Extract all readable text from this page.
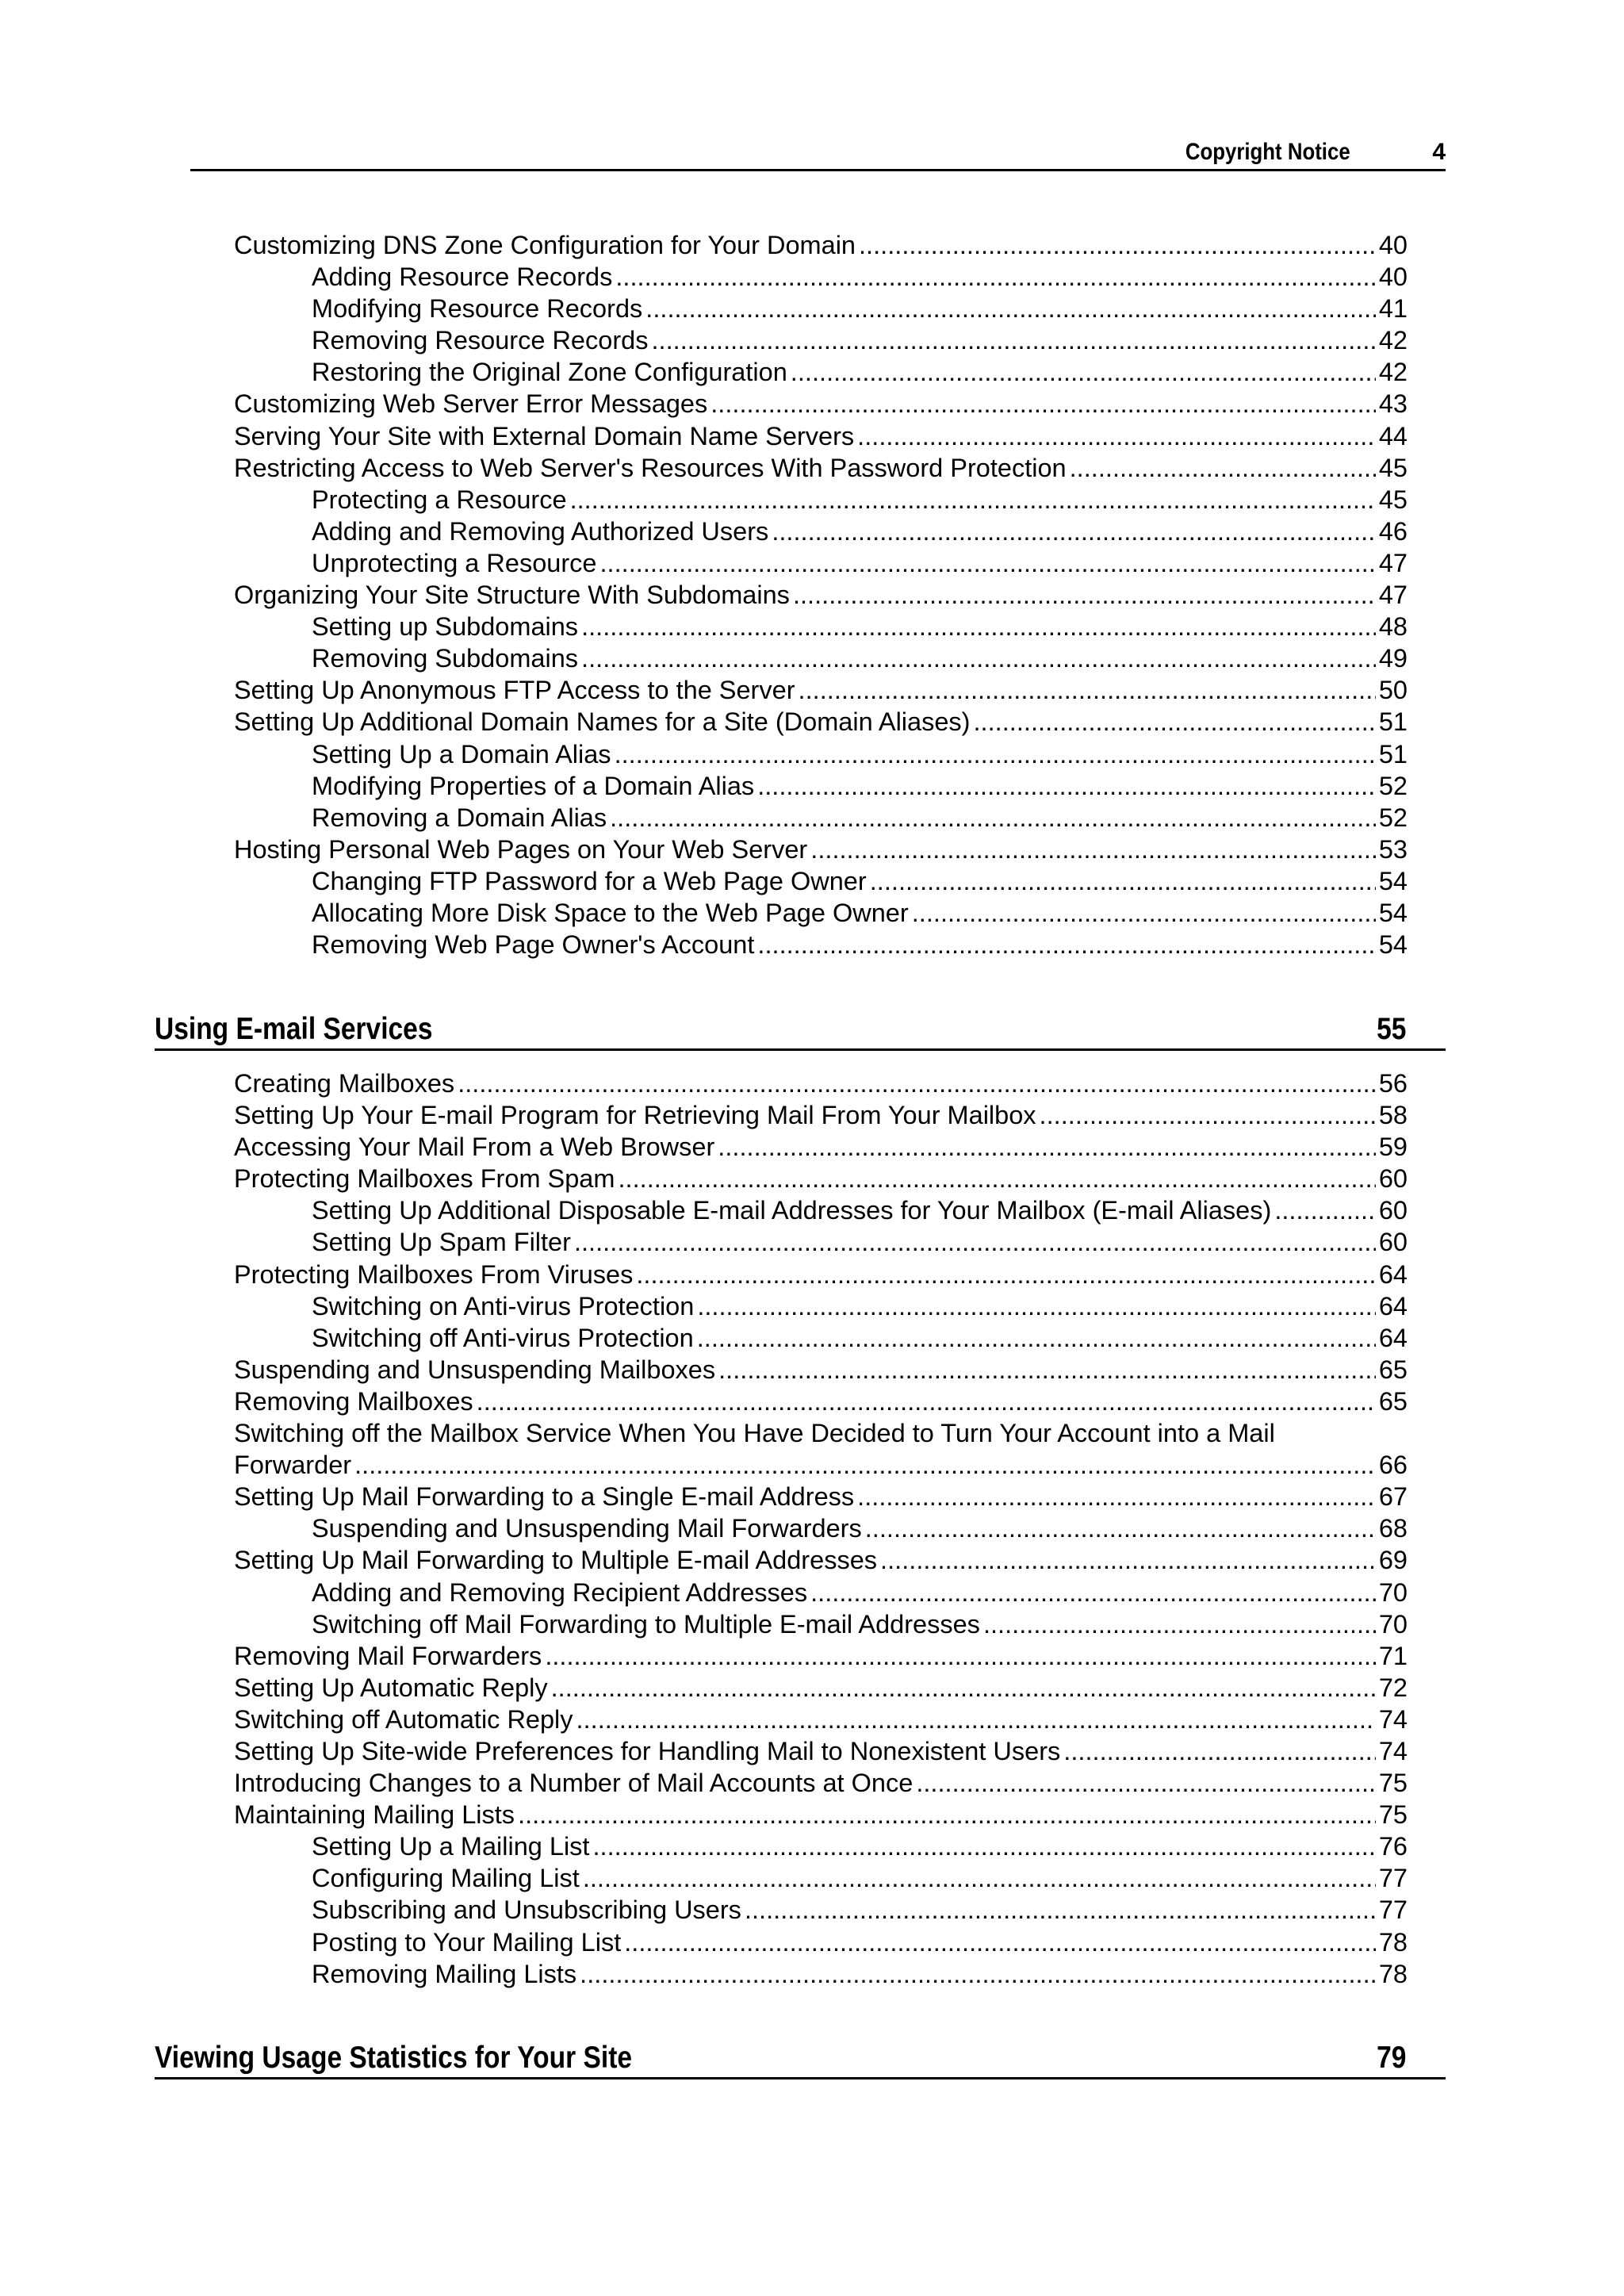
Copyright Notice	4
Customizing DNS Zone Configuration for Your Domain . . .	40
Adding Resource Records . . .	40
Modifying Resource Records . . .	41
Removing Resource Records . . .	42
Restoring the Original Zone Configuration . . .	42
Customizing Web Server Error Messages . . .	43
Serving Your Site with External Domain Name Servers . . .	44
Restricting Access to Web Server's Resources With Password Protection . . .	45
Protecting a Resource . . .	45
Adding and Removing Authorized Users . . .	46
Unprotecting a Resource . . .	47
Organizing Your Site Structure With Subdomains . . .	47
Setting up Subdomains . . .	48
Removing Subdomains . . .	49
Setting Up Anonymous FTP Access to the Server . . .	50
Setting Up Additional Domain Names for a Site (Domain Aliases) . . .	51
Setting Up a Domain Alias . . .	51
Modifying Properties of a Domain Alias . . .	52
Removing a Domain Alias . . .	52
Hosting Personal Web Pages on Your Web Server . . .	53
Changing FTP Password for a Web Page Owner . . .	54
Allocating More Disk Space to the Web Page Owner . . .	54
Removing Web Page Owner's Account . . .	54
Using E-mail Services	55
Creating Mailboxes . . .	56
Setting Up Your E-mail Program for Retrieving Mail From Your Mailbox . . .	58
Accessing Your Mail From a Web Browser . . .	59
Protecting Mailboxes From Spam . . .	60
Setting Up Additional Disposable E-mail Addresses for Your Mailbox (E-mail Aliases) . . .	60
Setting Up Spam Filter . . .	60
Protecting Mailboxes From Viruses . . .	64
Switching on Anti-virus Protection . . .	64
Switching off Anti-virus Protection . . .	64
Suspending and Unsuspending Mailboxes . . .	65
Removing Mailboxes . . .	65
Switching off the Mailbox Service When You Have Decided to Turn Your Account into a Mail
Forwarder . . .	66
Setting Up Mail Forwarding to a Single E-mail Address . . .	67
Suspending and Unsuspending Mail Forwarders . . .	68
Setting Up Mail Forwarding to Multiple E-mail Addresses . . .	69
Adding and Removing Recipient Addresses . . .	70
Switching off Mail Forwarding to Multiple E-mail Addresses . . .	70
Removing Mail Forwarders . . .	71
Setting Up Automatic Reply . . .	72
Switching off Automatic Reply . . .	74
Setting Up Site-wide Preferences for Handling Mail to Nonexistent Users . . .	74
Introducing Changes to a Number of Mail Accounts at Once . . .	75
Maintaining Mailing Lists . . .	75
Setting Up a Mailing List . . .	76
Configuring Mailing List . . .	77
Subscribing and Unsubscribing Users . . .	77
Posting to Your Mailing List . . .	78
Removing Mailing Lists . . .	78
Viewing Usage Statistics for Your Site	79
